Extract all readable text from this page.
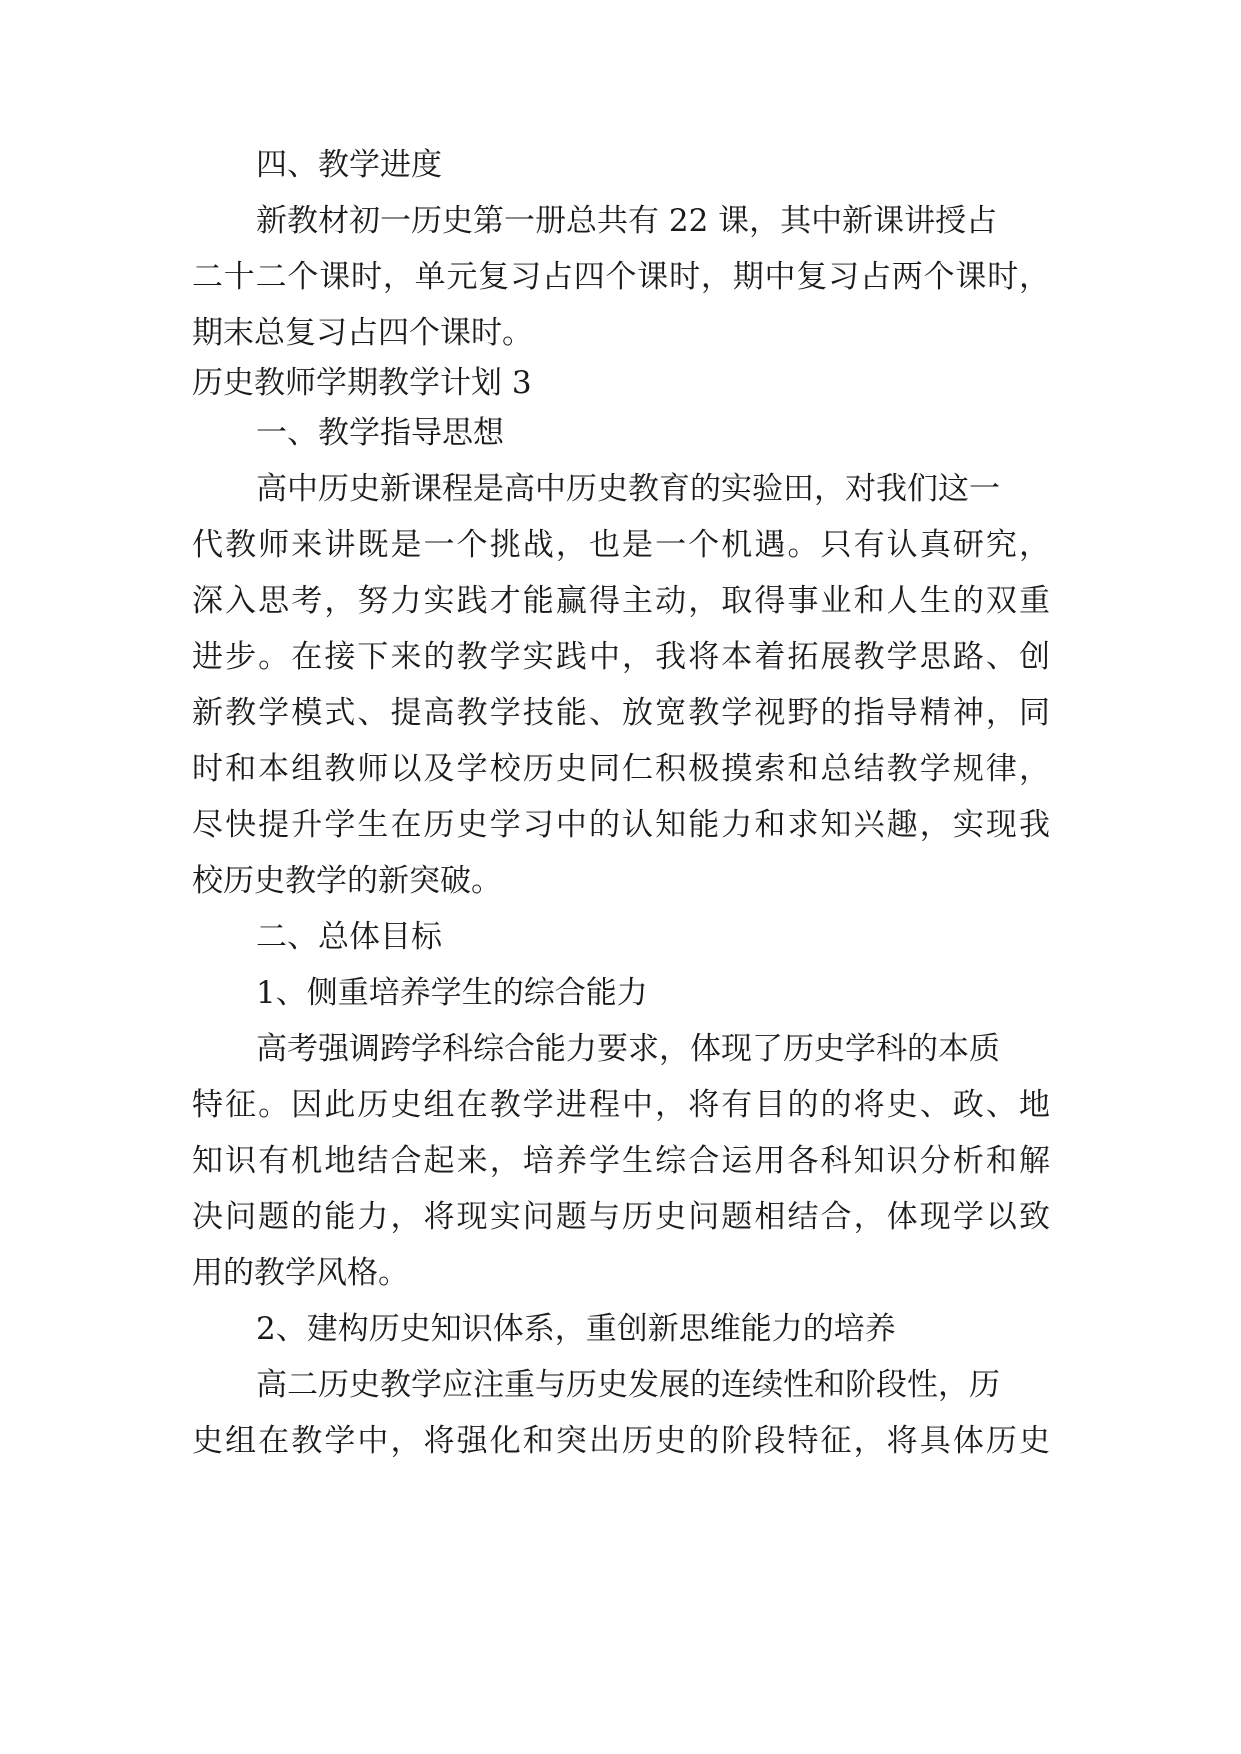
四、教学进度
新教材初一历史第一册总共有 22 课，其中新课讲授占
二十二个课时，单元复习占四个课时，期中复习占两个课时，
期末总复习占四个课时。
历史教师学期教学计划 3
一、教学指导思想
高中历史新课程是高中历史教育的实验田，对我们这一
代教师来讲既是一个挑战，也是一个机遇。只有认真研究，
深入思考，努力实践才能赢得主动，取得事业和人生的双重
进步。在接下来的教学实践中，我将本着拓展教学思路、创
新教学模式、提高教学技能、放宽教学视野的指导精神，同
时和本组教师以及学校历史同仁积极摸索和总结教学规律，
尽快提升学生在历史学习中的认知能力和求知兴趣，实现我
校历史教学的新突破。
二、总体目标
1、侧重培养学生的综合能力
高考强调跨学科综合能力要求，体现了历史学科的本质
特征。因此历史组在教学进程中，将有目的的将史、政、地
知识有机地结合起来，培养学生综合运用各科知识分析和解
决问题的能力，将现实问题与历史问题相结合，体现学以致
用的教学风格。
2、建构历史知识体系，重创新思维能力的培养
高二历史教学应注重与历史发展的连续性和阶段性，历
史组在教学中，将强化和突出历史的阶段特征，将具体历史
